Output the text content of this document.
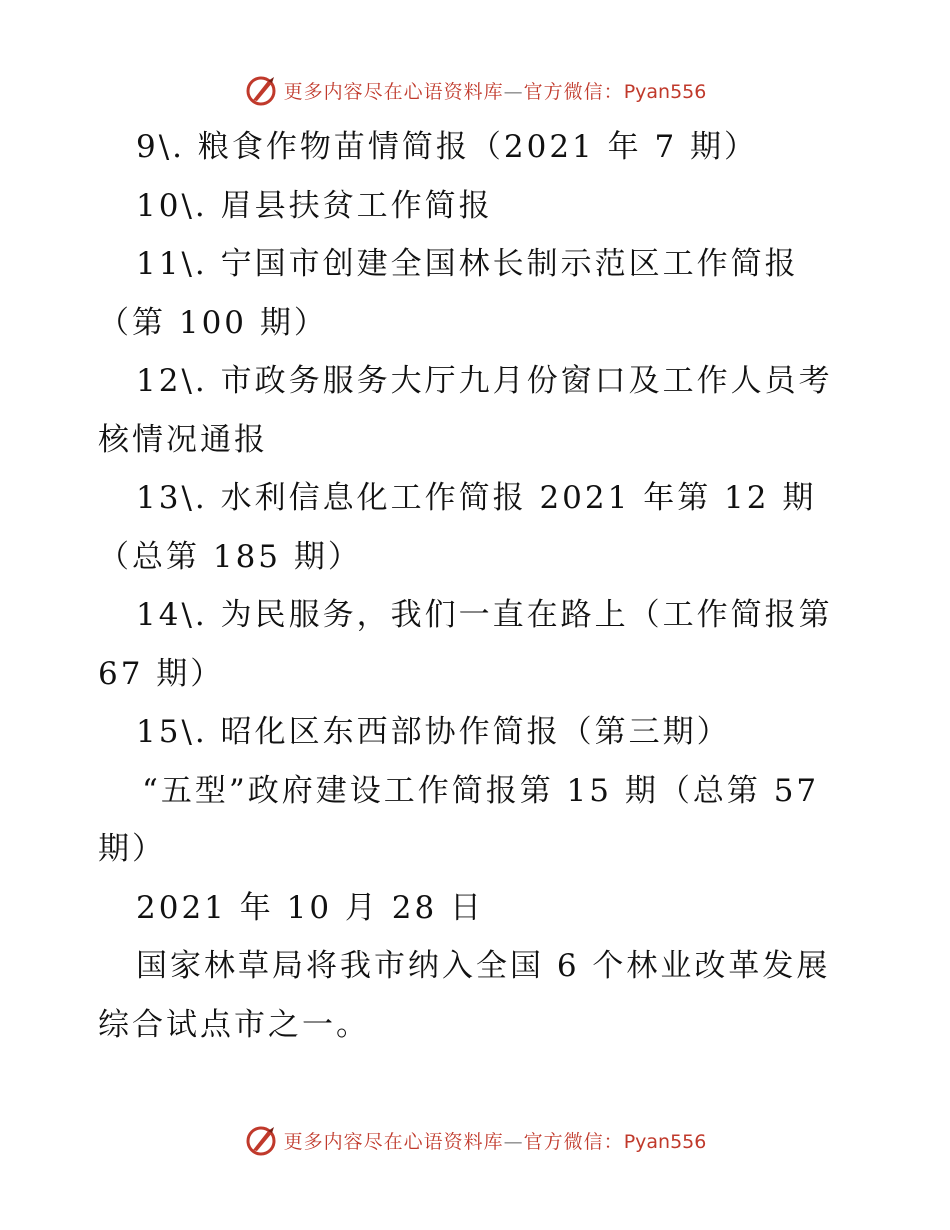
更多内容尽在心语资料库—官方微信：Pyan556
9\. 粮食作物苗情简报（2021 年 7 期）
10\. 眉县扶贫工作简报
11\. 宁国市创建全国林长制示范区工作简报
（第 100 期）
12\. 市政务服务大厅九月份窗口及工作人员考
核情况通报
13\. 水利信息化工作简报 2021 年第 12 期
（总第 185 期）
14\. 为民服务，我们一直在路上（工作简报第
67 期）
15\. 昭化区东西部协作简报（第三期）
“五型”政府建设工作简报第 15 期（总第 57
期）
2021 年 10 月 28 日
国家林草局将我市纳入全国 6 个林业改革发展
综合试点市之一。
更多内容尽在心语资料库—官方微信：Pyan556
